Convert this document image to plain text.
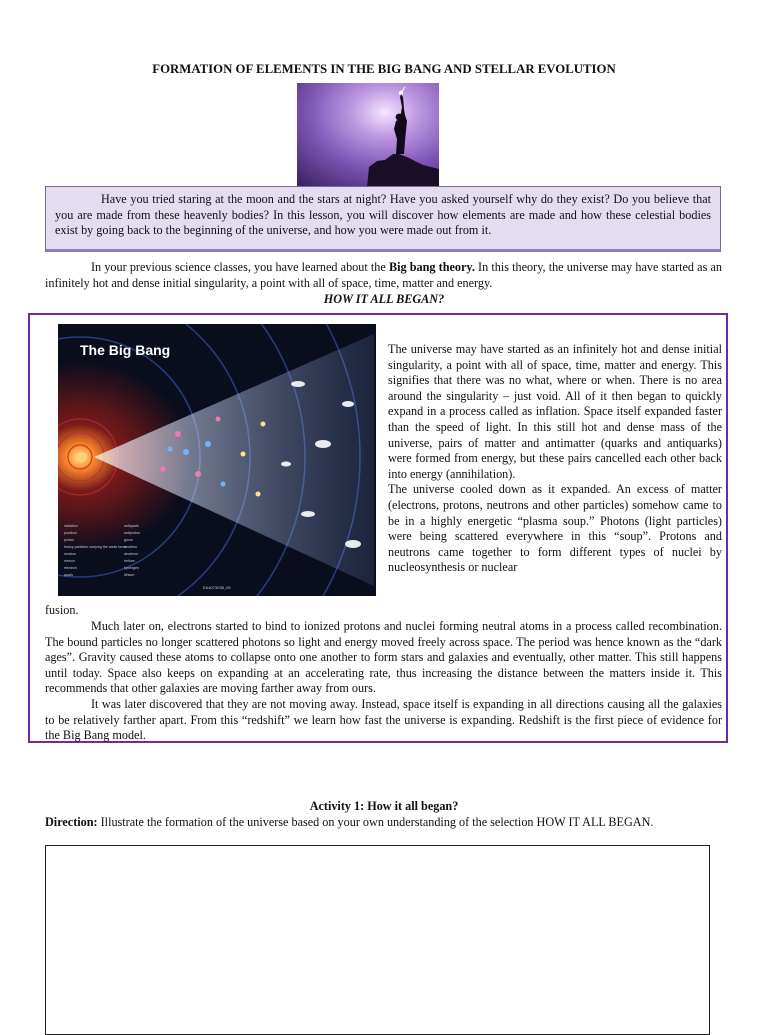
FORMATION OF ELEMENTS IN THE BIG BANG AND STELLAR EVOLUTION

Have you tried staring at the moon and the stars at night? Have you asked yourself why do they exist? Do you believe that you are made from these heavenly bodies? In this lesson, you will discover how elements are made and how these celestial bodies exist by going back to the beginning of the universe, and how you were made out from it.

In your previous science classes, you have learned about the Big bang theory. In this theory, the universe may have started as an infinitely hot and dense initial singularity, a point with all of space, time, matter and energy.
HOW IT ALL BEGAN?
The Big Bang
radiation
positron
proton
heavy particles carrying the weak force
neutron
meson
electron
quark
antiquark
antiproton
gluon
neutrino
deuteron
helium
hydrogen
lithium
EA4073038_05

The universe may have started as an infinitely hot and dense initial singularity, a point with all of space, time, matter and energy. This signifies that there was no what, where or when. There is no area around the singularity – just void. All of it then began to quickly expand in a process called as inflation. Space itself expanded faster than the speed of light. In this still hot and dense mass of the universe, pairs of matter and antimatter (quarks and antiquarks) were formed from energy, but these pairs cancelled each other back into energy (annihilation).

The universe cooled down as it expanded. An excess of matter (electrons, protons, neutrons and other particles) somehow came to be in a highly energetic “plasma soup.” Photons (light particles) were being scattered everywhere in this “soup”. Protons and neutrons came together to form different types of nuclei by nucleosynthesis or nuclear

fusion.

Much later on, electrons started to bind to ionized protons and nuclei forming neutral atoms in a process called recombination. The bound particles no longer scattered photons so light and energy moved freely across space. The period was hence known as the “dark ages”. Gravity caused these atoms to collapse onto one another to form stars and galaxies and eventually, other matter. This still happens until today. Space also keeps on expanding at an accelerating rate, thus increasing the distance between the matters inside it. This recommends that other galaxies are moving farther away from ours.

It was later discovered that they are not moving away. Instead, space itself is expanding in all directions causing all the galaxies to be relatively farther apart. From this “redshift” we learn how fast the universe is expanding. Redshift is the first piece of evidence for the Big Bang model.

Activity 1: How it all began?
Direction: Illustrate the formation of the universe based on your own understanding of the selection HOW IT ALL BEGAN.
